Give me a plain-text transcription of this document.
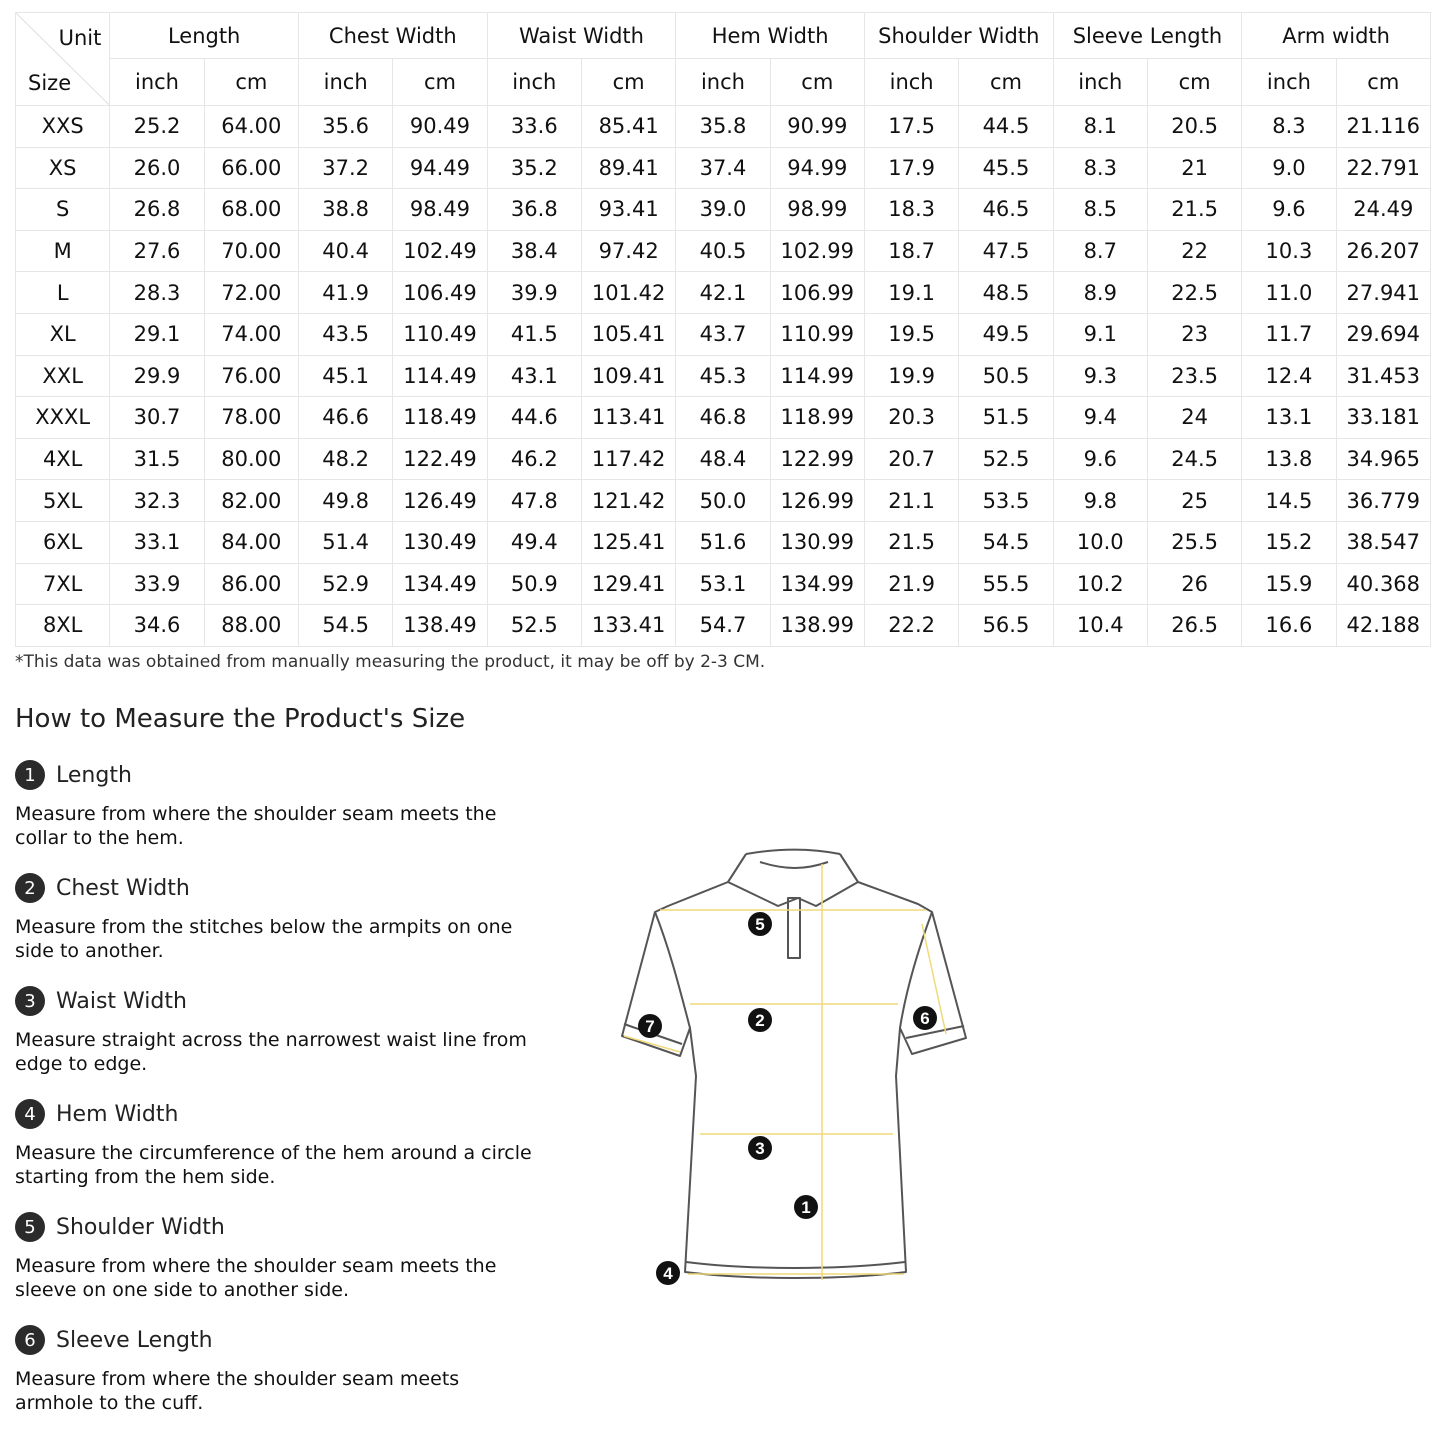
Unit
Size	Length		Chest Width		Waist Width		Hem Width		Shoulder Width		Sleeve Length		Arm width	
	inch	cm	inch	cm	inch	cm	inch	cm	inch	cm	inch	cm	inch	cm
XXS	25.2	64.00	35.6	90.49	33.6	85.41	35.8	90.99	17.5	44.5	8.1	20.5	8.3	21.116
XS	26.0	66.00	37.2	94.49	35.2	89.41	37.4	94.99	17.9	45.5	8.3	21	9.0	22.791
S	26.8	68.00	38.8	98.49	36.8	93.41	39.0	98.99	18.3	46.5	8.5	21.5	9.6	24.49
M	27.6	70.00	40.4	102.49	38.4	97.42	40.5	102.99	18.7	47.5	8.7	22	10.3	26.207
L	28.3	72.00	41.9	106.49	39.9	101.42	42.1	106.99	19.1	48.5	8.9	22.5	11.0	27.941
XL	29.1	74.00	43.5	110.49	41.5	105.41	43.7	110.99	19.5	49.5	9.1	23	11.7	29.694
XXL	29.9	76.00	45.1	114.49	43.1	109.41	45.3	114.99	19.9	50.5	9.3	23.5	12.4	31.453
XXXL	30.7	78.00	46.6	118.49	44.6	113.41	46.8	118.99	20.3	51.5	9.4	24	13.1	33.181
4XL	31.5	80.00	48.2	122.49	46.2	117.42	48.4	122.99	20.7	52.5	9.6	24.5	13.8	34.965
5XL	32.3	82.00	49.8	126.49	47.8	121.42	50.0	126.99	21.1	53.5	9.8	25	14.5	36.779
6XL	33.1	84.00	51.4	130.49	49.4	125.41	51.6	130.99	21.5	54.5	10.0	25.5	15.2	38.547
7XL	33.9	86.00	52.9	134.49	50.9	129.41	53.1	134.99	21.9	55.5	10.2	26	15.9	40.368
8XL	34.6	88.00	54.5	138.49	52.5	133.41	54.7	138.99	22.2	56.5	10.4	26.5	16.6	42.188
*This data was obtained from manually measuring the product, it may be off by 2-3 CM.
How to Measure the Product's Size
1 Length
Measure from where the shoulder seam meets the collar to the hem.
2 Chest Width
Measure from the stitches below the armpits on one side to another.
3 Waist Width
Measure straight across the narrowest waist line from edge to edge.
4 Hem Width
Measure the circumference of the hem around a circle starting from the hem side.
5 Shoulder Width
Measure from where the shoulder seam meets the sleeve on one side to another side.
6 Sleeve Length
Measure from where the shoulder seam meets armhole to the cuff.
1
2
3
4
5
6
7
